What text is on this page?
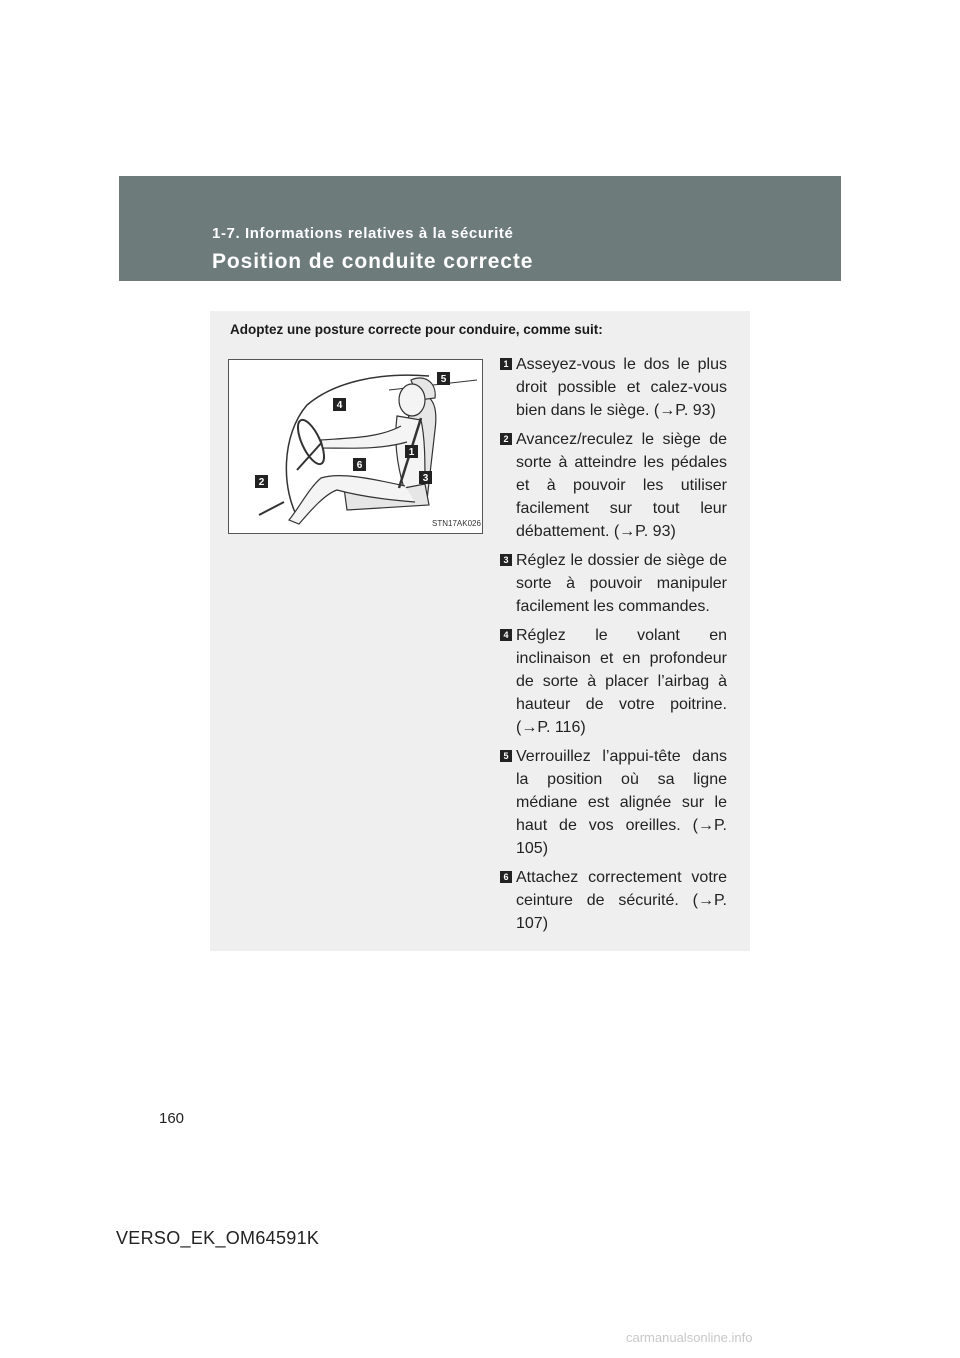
1-7. Informations relatives à la sécurité
Position de conduite correcte
Adoptez une posture correcte pour conduire, comme suit:
5
4
1
6
3
2
STN17AK026
1 Asseyez-vous le dos le plus droit possible et calez-vous bien dans le siège. (→P. 93)
2 Avancez/reculez le siège de sorte à atteindre les pédales et à pouvoir les utiliser facilement sur tout leur débattement. (→P. 93)
3 Réglez le dossier de siège de sorte à pouvoir manipuler facilement les commandes.
4 Réglez le volant en inclinaison et en profondeur de sorte à placer l’airbag à hauteur de votre poitrine. (→P. 116)
5 Verrouillez l’appui-tête dans la position où sa ligne médiane est alignée sur le haut de vos oreilles. (→P. 105)
6 Attachez correctement votre ceinture de sécurité. (→P. 107)
160
VERSO_EK_OM64591K
carmanualsonline.info
